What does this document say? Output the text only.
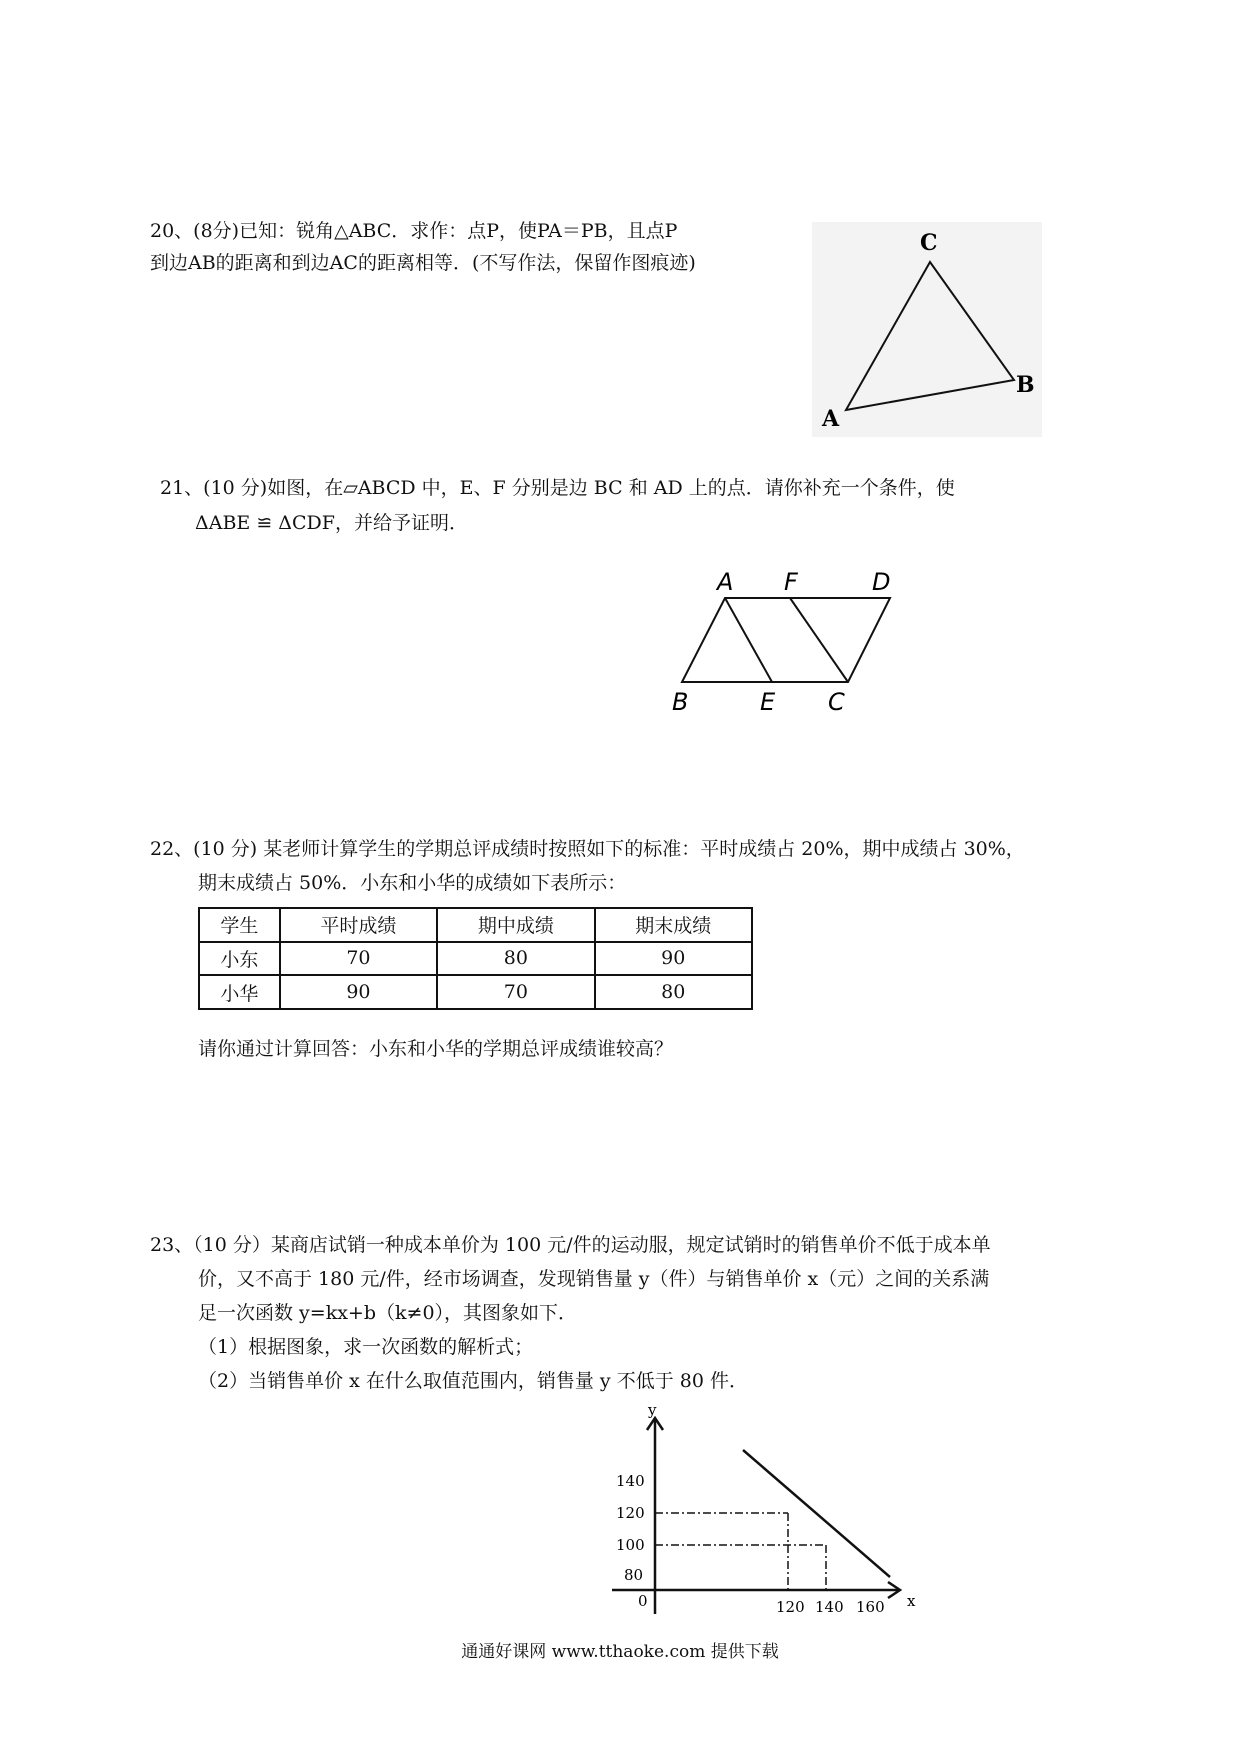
20、(8分)已知：锐角△ABC．求作：点P，使PA＝PB，且点P
到边AB的距离和到边AC的距离相等．(不写作法，保留作图痕迹)
C
B
A
21、(10 分)如图，在▱ABCD 中，E、F 分别是边 BC 和 AD 上的点．请你补充一个条件，使
ΔABE ≌ ΔCDF，并给予证明．
A F	D
B	E C
22、(10 分) 某老师计算学生的学期总评成绩时按照如下的标准：平时成绩占 20%，期中成绩占 30%，
期末成绩占 50%．小东和小华的成绩如下表所示：
学生	平时成绩	期中成绩	期末成绩
小东	70	80	90
小华	90	70	80
请你通过计算回答：小东和小华的学期总评成绩谁较高？
23、（10 分）某商店试销一种成本单价为 100 元/件的运动服，规定试销时的销售单价不低于成本单
价，又不高于 180 元/件，经市场调查，发现销售量 y（件）与销售单价 x（元）之间的关系满
足一次函数 y=kx+b（k≠0），其图象如下．
（1）根据图象，求一次函数的解析式；
（2）当销售单价 x 在什么取值范围内，销售量 y 不低于 80 件．
y
x
0
140
120
100
80
120 140 160
通通好课网 www.tthaoke.com 提供下载
